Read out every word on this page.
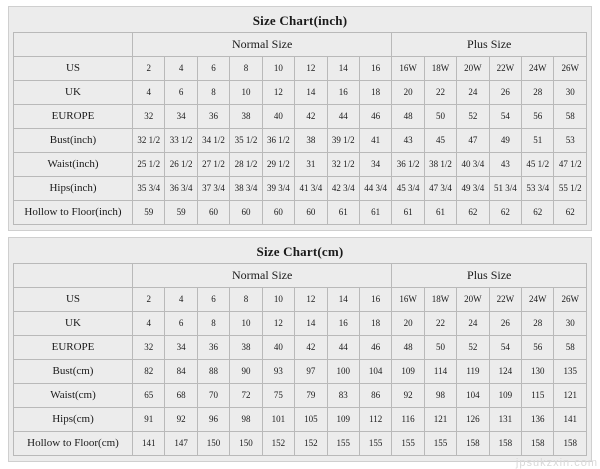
Size Chart(inch)
	Normal Size								Plus Size					
US	2	4	6	8	10	12	14	16	16W	18W	20W	22W	24W	26W
UK	4	6	8	10	12	14	16	18	20	22	24	26	28	30
EUROPE	32	34	36	38	40	42	44	46	48	50	52	54	56	58
Bust(inch)	32 1/2	33 1/2	34 1/2	35 1/2	36 1/2	38	39 1/2	41	43	45	47	49	51	53
Waist(inch)	25 1/2	26 1/2	27 1/2	28 1/2	29 1/2	31	32 1/2	34	36 1/2	38 1/2	40 3/4	43	45 1/2	47 1/2
Hips(inch)	35 3/4	36 3/4	37 3/4	38 3/4	39 3/4	41 3/4	42 3/4	44 3/4	45 3/4	47 3/4	49 3/4	51 3/4	53 3/4	55 1/2
Hollow to Floor(inch)	59	59	60	60	60	60	61	61	61	61	62	62	62	62
Size Chart(cm)
	Normal Size								Plus Size					
US	2	4	6	8	10	12	14	16	16W	18W	20W	22W	24W	26W
UK	4	6	8	10	12	14	16	18	20	22	24	26	28	30
EUROPE	32	34	36	38	40	42	44	46	48	50	52	54	56	58
Bust(cm)	82	84	88	90	93	97	100	104	109	114	119	124	130	135
Waist(cm)	65	68	70	72	75	79	83	86	92	98	104	109	115	121
Hips(cm)	91	92	96	98	101	105	109	112	116	121	126	131	136	141
Hollow to Floor(cm)	141	147	150	150	152	152	155	155	155	155	158	158	158	158
jpsukzxin.com
